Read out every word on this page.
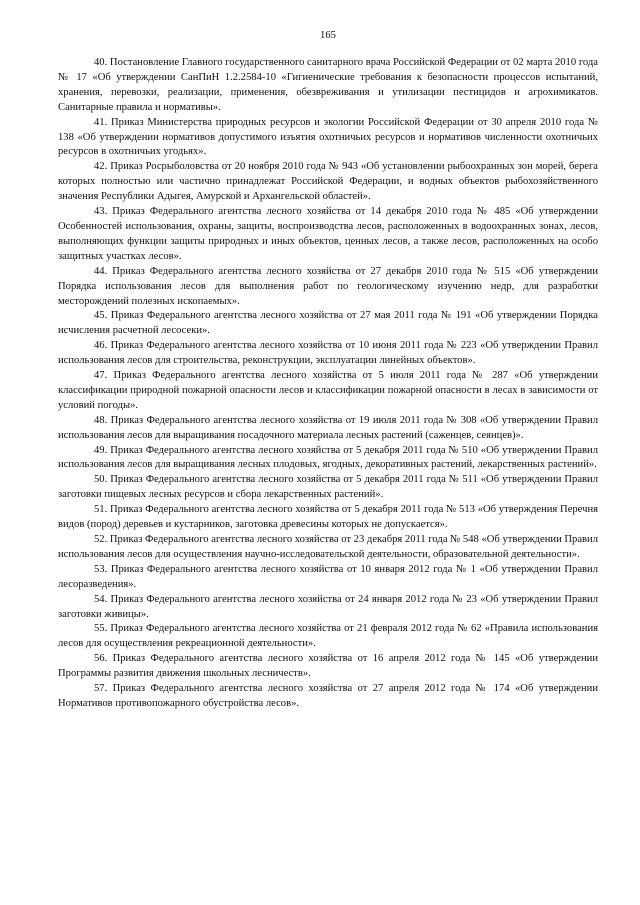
165

40. Постановление Главного государственного санитарного врача Российской Федерации от 02 марта 2010 года № 17 «Об утверждении СанПиН 1.2.2584-10 «Гигиенические требования к безопасности процессов испытаний, хранения, перевозки, реализации, применения, обезвреживания и утилизации пестицидов и агрохимикатов. Санитарные правила и нормативы».

41. Приказ Министерства природных ресурсов и экологии Российской Федерации от 30 апреля 2010 года № 138 «Об утверждении нормативов допустимого изъятия охотничьих ресурсов и нормативов численности охотничьих ресурсов в охотничьих угодьях».

42. Приказ Росрыболовства от 20 ноября 2010 года № 943 «Об установлении рыбоохранных зон морей, берега которых полностью или частично принадлежат Российской Федерации, и водных объектов рыбохозяйственного значения Республики Адыгея, Амурской и Архангельской областей».

43. Приказ Федерального агентства лесного хозяйства от 14 декабря 2010 года № 485 «Об утверждении Особенностей использования, охраны, защиты, воспроизводства лесов, расположенных в водоохранных зонах, лесов, выполняющих функции защиты природных и иных объектов, ценных лесов, а также лесов, расположенных на особо защитных участках лесов».

44. Приказ Федерального агентства лесного хозяйства от 27 декабря 2010 года № 515 «Об утверждении Порядка использования лесов для выполнения работ по геологическому изучению недр, для разработки месторождений полезных ископаемых».

45. Приказ Федерального агентства лесного хозяйства от 27 мая 2011 года № 191 «Об утверждении Порядка исчисления расчетной лесосеки».

46. Приказ Федерального агентства лесного хозяйства от 10 июня 2011 года № 223 «Об утверждении Правил использования лесов для строительства, реконструкции, эксплуатации линейных объектов».

47. Приказ Федерального агентства лесного хозяйства от 5 июля 2011 года № 287 «Об утверждении классификации природной пожарной опасности лесов и классификации пожарной опасности в лесах в зависимости от условий погоды».

48. Приказ Федерального агентства лесного хозяйства от 19 июля 2011 года № 308 «Об утверждении Правил использования лесов для выращивания посадочного материала лесных растений (саженцев, сеянцев)».

49. Приказ Федерального агентства лесного хозяйства от 5 декабря 2011 года № 510 «Об утверждении Правил использования лесов для выращивания лесных плодовых, ягодных, декоративных растений, лекарственных растений».

50. Приказ Федерального агентства лесного хозяйства от 5 декабря 2011 года № 511 «Об утверждении Правил заготовки пищевых лесных ресурсов и сбора лекарственных растений».

51. Приказ Федерального агентства лесного хозяйства от 5 декабря 2011 года № 513 «Об утверждения Перечня видов (пород) деревьев и кустарников, заготовка древесины которых не допускается».

52. Приказ Федерального агентства лесного хозяйства от 23 декабря 2011 года № 548 «Об утверждении Правил использования лесов для осуществления научно-исследовательской деятельности, образовательной деятельности».

53. Приказ Федерального агентства лесного хозяйства от 10 января 2012 года № 1 «Об утверждении Правил лесоразведения».

54. Приказ Федерального агентства лесного хозяйства от 24 января 2012 года № 23 «Об утверждении Правил заготовки живицы».

55. Приказ Федерального агентства лесного хозяйства от 21 февраля 2012 года № 62 «Правила использования лесов для осуществления рекреационной деятельности».

56. Приказ Федерального агентства лесного хозяйства от 16 апреля 2012 года № 145 «Об утверждении Программы развития движения школьных лесничеств».

57. Приказ Федерального агентства лесного хозяйства от 27 апреля 2012 года № 174 «Об утверждении Нормативов противопожарного обустройства лесов».
